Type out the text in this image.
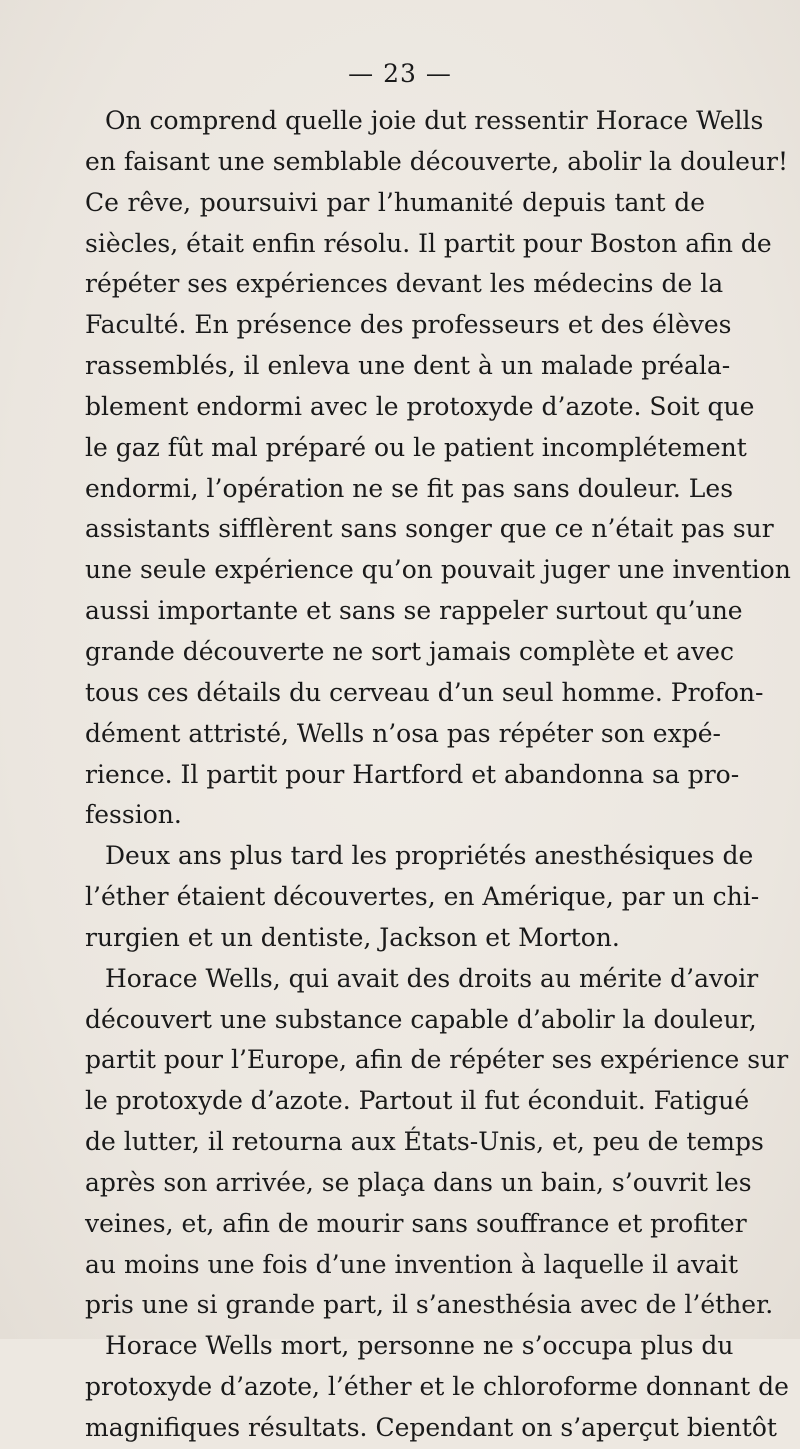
— 23 —
On comprend quelle joie dut ressentir Horace Wells
en faisant une semblable découverte, abolir la douleur!
Ce rêve, poursuivi par l’humanité depuis tant de
siècles, était enfin résolu. Il partit pour Boston afin de
répéter ses expériences devant les médecins de la
Faculté. En présence des professeurs et des élèves
rassemblés, il enleva une dent à un malade préala-
blement endormi avec le protoxyde d’azote. Soit que
le gaz fût mal préparé ou le patient incomplétement
endormi, l’opération ne se fit pas sans douleur. Les
assistants sifflèrent sans songer que ce n’était pas sur
une seule expérience qu’on pouvait juger une invention
aussi importante et sans se rappeler surtout qu’une
grande découverte ne sort jamais complète et avec
tous ces détails du cerveau d’un seul homme. Profon-
dément attristé, Wells n’osa pas répéter son expé-
rience. Il partit pour Hartford et abandonna sa pro-
fession.
Deux ans plus tard les propriétés anesthésiques de
l’éther étaient découvertes, en Amérique, par un chi-
rurgien et un dentiste, Jackson et Morton.
Horace Wells, qui avait des droits au mérite d’avoir
découvert une substance capable d’abolir la douleur,
partit pour l’Europe, afin de répéter ses expérience sur
le protoxyde d’azote. Partout il fut éconduit. Fatigué
de lutter, il retourna aux États-Unis, et, peu de temps
après son arrivée, se plaça dans un bain, s’ouvrit les
veines, et, afin de mourir sans souffrance et profiter
au moins une fois d’une invention à laquelle il avait
pris une si grande part, il s’anesthésia avec de l’éther.
Horace Wells mort, personne ne s’occupa plus du
protoxyde d’azote, l’éther et le chloroforme donnant de
magnifiques résultats. Cependant on s’aperçut bientôt
